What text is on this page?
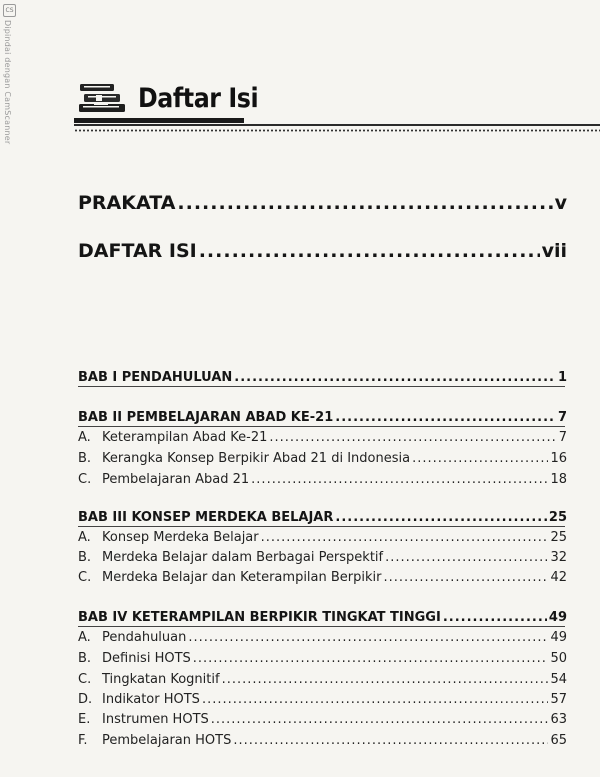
CS
Dipindai dengan CamScanner	Daftar Isi
PRAKATA .....	v
DAFTAR ISI .....	vii
BAB I PENDAHULUAN .....	1
BAB II PEMBELAJARAN ABAD KE-21 .....	7
A. Keterampilan Abad Ke-21 .....	7
B. Kerangka Konsep Berpikir Abad 21 di Indonesia .....	16
C. Pembelajaran Abad 21 .....	18
BAB III KONSEP MERDEKA BELAJAR .....	25
A. Konsep Merdeka Belajar .....	25
B. Merdeka Belajar dalam Berbagai Perspektif .....	32
C. Merdeka Belajar dan Keterampilan Berpikir .....	42
BAB IV KETERAMPILAN BERPIKIR TINGKAT TINGGI .....	49
A. Pendahuluan .....	49
B. Definisi HOTS .....	50
C. Tingkatan Kognitif .....	54
D. Indikator HOTS .....	57
E. Instrumen HOTS .....	63
F. Pembelajaran HOTS .....	65
